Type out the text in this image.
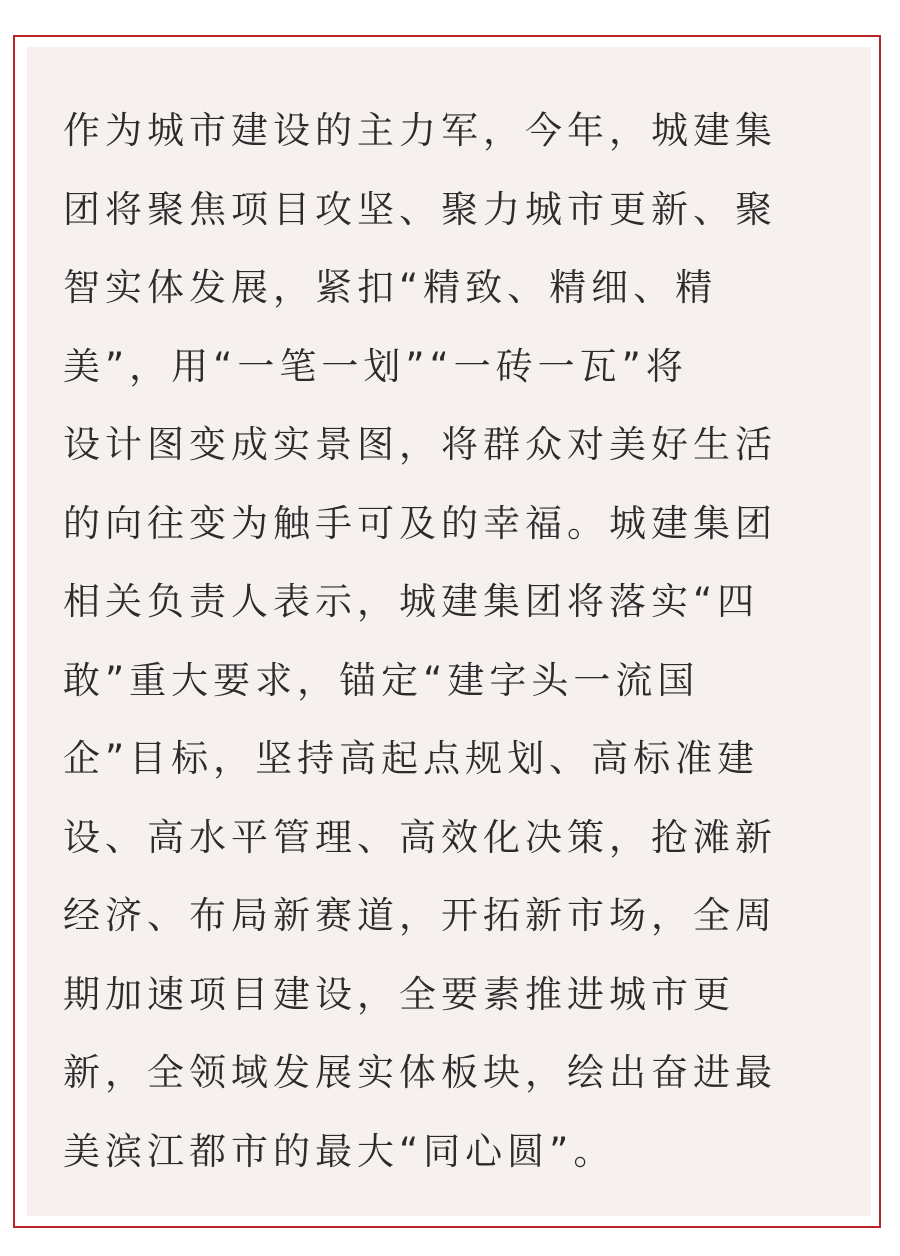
作为城市建设的主力军，今年，城建集
团将聚焦项目攻坚、聚力城市更新、聚
智实体发展，紧扣“精致、精细、精
美”，用“一笔一划”“一砖一瓦”将
设计图变成实景图，将群众对美好生活
的向往变为触手可及的幸福。城建集团
相关负责人表示，城建集团将落实“四
敢”重大要求，锚定“建字头一流国
企”目标，坚持高起点规划、高标准建
设、高水平管理、高效化决策，抢滩新
经济、布局新赛道，开拓新市场，全周
期加速项目建设，全要素推进城市更
新，全领域发展实体板块，绘出奋进最
美滨江都市的最大“同心圆”。
